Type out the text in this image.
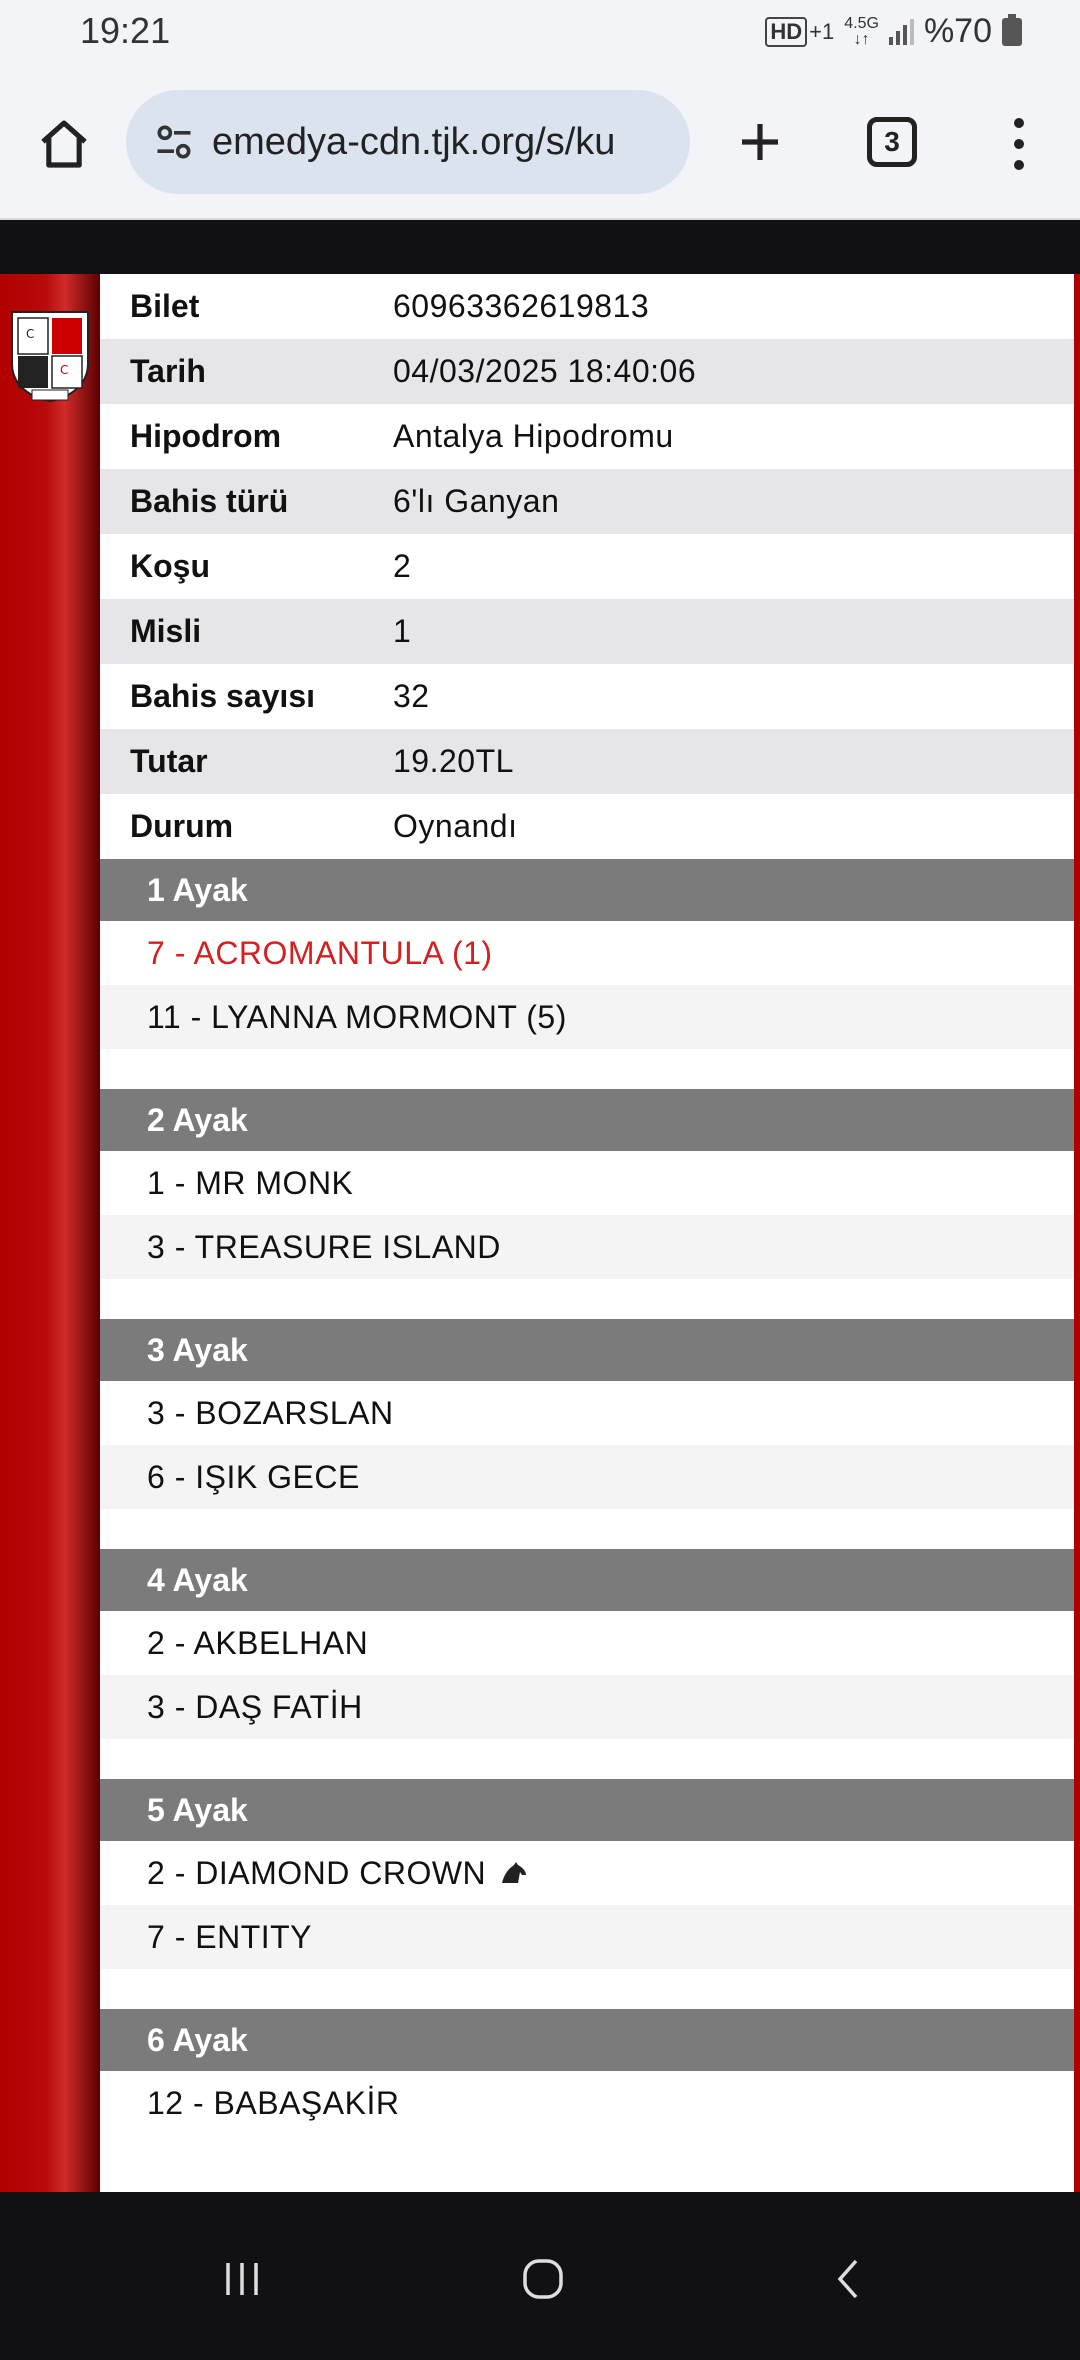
19:21	HD +1 4.5G
↓↑ %70
emedya-cdn.tjk.org/s/ku	3
C
C
Bilet	60963362619813
Tarih	04/03/2025 18:40:06
Hipodrom	Antalya Hipodromu
Bahis türü	6'lı Ganyan
Koşu	2
Misli	1
Bahis sayısı	32
Tutar	19.20TL
Durum	Oynandı
1 Ayak
7 - ACROMANTULA (1)
11 - LYANNA MORMONT (5)
2 Ayak
1 - MR MONK
3 - TREASURE ISLAND
3 Ayak
3 - BOZARSLAN
6 - IŞIK GECE
4 Ayak
2 - AKBELHAN
3 - DAŞ FATİH
5 Ayak
2 - DIAMOND CROWN
7 - ENTITY
6 Ayak
12 - BABAŞAKİR
